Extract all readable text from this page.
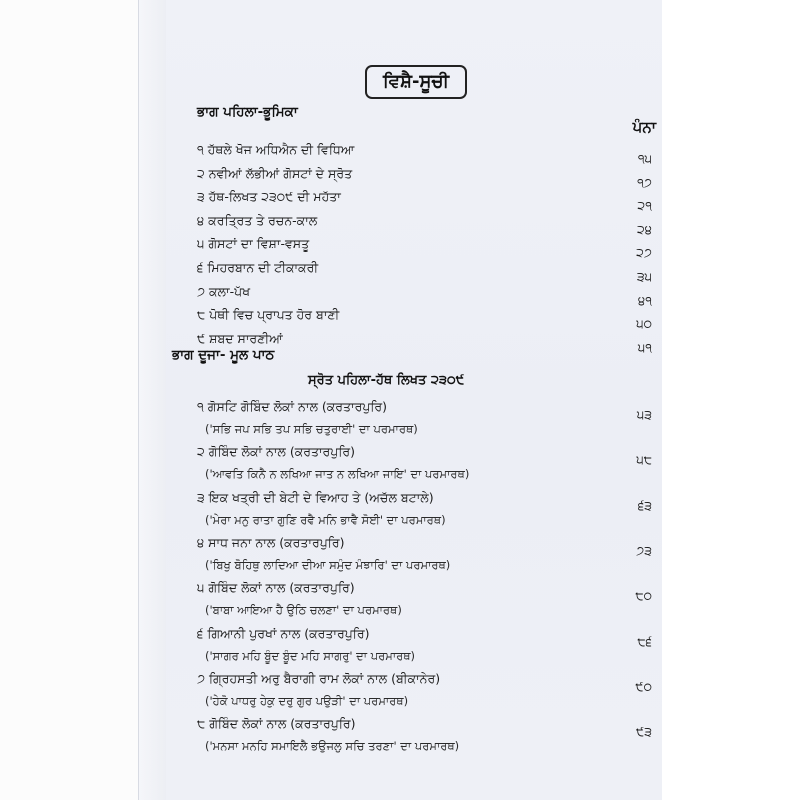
ਵਿਸ਼ੈ-ਸੂਚੀ
ਭਾਗ ਪਹਿਲਾ-ਭੂਮਿਕਾ
ਪੰਨਾ
੧ ਹੱਥਲੇ ਖੋਜ ਅਧਿਐਨ ਦੀ ਵਿਧਿਆ
੧੫
੨ ਨਵੀਆਂ ਲੱਭੀਆਂ ਗੋਸਟਾਂ ਦੇ ਸ੍ਰੋਤ
੧੭
੩ ਹੱਥ-ਲਿਖਤ ੨੩੦੯ ਦੀ ਮਹੱਤਾ
੨੧
੪ ਕਰਤ੍ਰਿਤ ਤੇ ਰਚਨ-ਕਾਲ
੨੪
੫ ਗੋਸਟਾਂ ਦਾ ਵਿਸ਼ਾ-ਵਸਤੂ
੨੭
੬ ਮਿਹਰਬਾਨ ਦੀ ਟੀਕਾਕਰੀ
੩੫
੭ ਕਲਾ-ਪੱਖ
੪੧
੮ ਪੋਥੀ ਵਿਚ ਪ੍ਰਾਪਤ ਹੋਰ ਬਾਣੀ
੫੦
੯ ਸ਼ਬਦ ਸਾਰਣੀਆਂ
੫੧
ਭਾਗ ਦੂਜਾ- ਮੂਲ ਪਾਠ
ਸ੍ਰੋਤ ਪਹਿਲਾ-ਹੱਥ ਲਿਖਤ ੨੩੦੯
੧ ਗੋਸਟਿ ਗੋਬਿੰਦ ਲੋਕਾਂ ਨਾਲ (ਕਰਤਾਰਪੁਰਿ)
('ਸਭਿ ਜਪ ਸਭਿ ਤਪ ਸਭਿ ਚਤੁਰਾਈ' ਦਾ ਪਰਮਾਰਥ)
੫੩
੨ ਗੋਬਿੰਦ ਲੋਕਾਂ ਨਾਲ (ਕਰਤਾਰਪੁਰਿ)
('ਆਵਤਿ ਕਿਨੈ ਨ ਲਖਿਆ ਜਾਤ ਨ ਲਖਿਆ ਜਾਇ' ਦਾ ਪਰਮਾਰਥ)
੫੮
੩ ਇਕ ਖਤ੍ਰੀ ਦੀ ਬੇਟੀ ਦੇ ਵਿਆਹ ਤੇ (ਅਚੱਲ ਬਟਾਲੇ)
('ਮੇਰਾ ਮਨੁ ਰਾਤਾ ਗੁਣਿ ਰਵੈ ਮਨਿ ਭਾਵੈ ਸੋਈ' ਦਾ ਪਰਮਾਰਥ)
੬੩
੪ ਸਾਧ ਜਨਾ ਨਾਲ (ਕਰਤਾਰਪੁਰਿ)
('ਬਿਖੁ ਬੋਹਿਥੁ ਲਾਦਿਆ ਦੀਆ ਸਮੁੰਦ ਮੰਝਾਰਿ' ਦਾ ਪਰਮਾਰਥ)
੭੩
੫ ਗੋਬਿੰਦ ਲੋਕਾਂ ਨਾਲ (ਕਰਤਾਰਪੁਰਿ)
('ਬਾਬਾ ਆਇਆ ਹੈ ਉਠਿ ਚਲਣਾ' ਦਾ ਪਰਮਾਰਥ)
੮੦
੬ ਗਿਆਨੀ ਪੁਰਖਾਂ ਨਾਲ (ਕਰਤਾਰਪੁਰਿ)
('ਸਾਗਰ ਮਹਿ ਬੂੰਦ ਬੂੰਦ ਮਹਿ ਸਾਗਰੁ' ਦਾ ਪਰਮਾਰਥ)
੮੬
੭ ਗ੍ਰਿਹਸਤੀ ਅਰੁ ਬੈਰਾਗੀ ਰਾਮ ਲੋਕਾਂ ਨਾਲ (ਬੀਕਾਨੇਰ)
('ਹੇਕੋ ਪਾਧਰੁ ਹੇਕੁ ਦਰੁ ਗੁਰ ਪਉੜੀ' ਦਾ ਪਰਮਾਰਥ)
੯੦
੮ ਗੋਬਿੰਦ ਲੋਕਾਂ ਨਾਲ (ਕਰਤਾਰਪੁਰਿ)
('ਮਨਸਾ ਮਨਹਿ ਸਮਾਇਲੈ ਭਉਜਲੁ ਸਚਿ ਤਰਣਾ' ਦਾ ਪਰਮਾਰਥ)
੯੩
